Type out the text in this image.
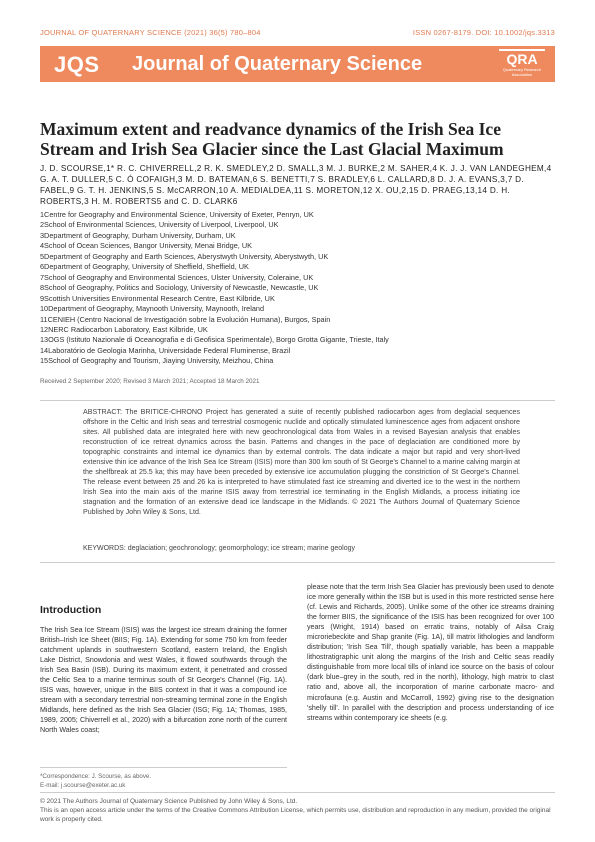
JOURNAL OF QUATERNARY SCIENCE (2021) 36(5) 780–804	ISSN 0267-8179. DOI: 10.1002/jqs.3313
JQS Journal of Quaternary Science	QRA
Quaternary Research Association
Maximum extent and readvance dynamics of the Irish Sea Ice Stream and Irish Sea Glacier since the Last Glacial Maximum
J. D. SCOURSE,1* R. C. CHIVERRELL,2 R. K. SMEDLEY,2 D. SMALL,3 M. J. BURKE,2 M. SAHER,4 K. J. J. VAN LANDEGHEM,4 G. A. T. DULLER,5 C. Ó COFAIGH,3 M. D. BATEMAN,6 S. BENETTI,7 S. BRADLEY,6 L. CALLARD,8 D. J. A. EVANS,3,7 D. FABEL,9 G. T. H. JENKINS,5 S. McCARRON,10 A. MEDIALDEA,11 S. MORETON,12 X. OU,2,15 D. PRAEG,13,14 D. H. ROBERTS,3 H. M. ROBERTS5 and C. D. CLARK6
1Centre for Geography and Environmental Science, University of Exeter, Penryn, UK
2School of Environmental Sciences, University of Liverpool, Liverpool, UK
3Department of Geography, Durham University, Durham, UK
4School of Ocean Sciences, Bangor University, Menai Bridge, UK
5Department of Geography and Earth Sciences, Aberystwyth University, Aberystwyth, UK
6Department of Geography, University of Sheffield, Sheffield, UK
7School of Geography and Environmental Sciences, Ulster University, Coleraine, UK
8School of Geography, Politics and Sociology, University of Newcastle, Newcastle, UK
9Scottish Universities Environmental Research Centre, East Kilbride, UK
10Department of Geography, Maynooth University, Maynooth, Ireland
11CENIEH (Centro Nacional de Investigación sobre la Evolución Humana), Burgos, Spain
12NERC Radiocarbon Laboratory, East Kilbride, UK
13OGS (Istituto Nazionale di Oceanografia e di Geofisica Sperimentale), Borgo Grotta Gigante, Trieste, Italy
14Laboratório de Geologia Marinha, Universidade Federal Fluminense, Brazil
15School of Geography and Tourism, Jiaying University, Meizhou, China
Received 2 September 2020; Revised 3 March 2021; Accepted 18 March 2021
ABSTRACT: The BRITICE-CHRONO Project has generated a suite of recently published radiocarbon ages from deglacial sequences offshore in the Celtic and Irish seas and terrestrial cosmogenic nuclide and optically stimulated luminescence ages from adjacent onshore sites. All published data are integrated here with new geochronological data from Wales in a revised Bayesian analysis that enables reconstruction of ice retreat dynamics across the basin. Patterns and changes in the pace of deglaciation are conditioned more by topographic constraints and internal ice dynamics than by external controls. The data indicate a major but rapid and very short-lived extensive thin ice advance of the Irish Sea Ice Stream (ISIS) more than 300 km south of St George's Channel to a marine calving margin at the shelfbreak at 25.5 ka; this may have been preceded by extensive ice accumulation plugging the constriction of St George's Channel. The release event between 25 and 26 ka is interpreted to have stimulated fast ice streaming and diverted ice to the west in the northern Irish Sea into the main axis of the marine ISIS away from terrestrial ice terminating in the English Midlands, a process initiating ice stagnation and the formation of an extensive dead ice landscape in the Midlands. © 2021 The Authors Journal of Quaternary Science Published by John Wiley & Sons, Ltd.
KEYWORDS: deglaciation; geochronology; geomorphology; ice stream; marine geology
Introduction
The Irish Sea Ice Stream (ISIS) was the largest ice stream draining the former British–Irish Ice Sheet (BIIS; Fig. 1A). Extending for some 750 km from feeder catchment uplands in southwestern Scotland, eastern Ireland, the English Lake District, Snowdonia and west Wales, it flowed southwards through the Irish Sea Basin (ISB). During its maximum extent, it penetrated and crossed the Celtic Sea to a marine terminus south of St George's Channel (Fig. 1A). ISIS was, however, unique in the BIIS context in that it was a compound ice stream with a secondary terrestrial non-streaming terminal zone in the English Midlands, here defined as the Irish Sea Glacier (ISG; Fig. 1A; Thomas, 1985, 1989, 2005; Chiverrell et al., 2020) with a bifurcation zone north of the current North Wales coast;
please note that the term Irish Sea Glacier has previously been used to denote ice more generally within the ISB but is used in this more restricted sense here (cf. Lewis and Richards, 2005). Unlike some of the other ice streams draining the former BIIS, the significance of the ISIS has been recognized for over 100 years (Wright, 1914) based on erratic trains, notably of Ailsa Craig microriebeckite and Shap granite (Fig. 1A), till matrix lithologies and landform distribution; 'Irish Sea Till', though spatially variable, has been a mappable lithostratigraphic unit along the margins of the Irish and Celtic seas readily distinguishable from more local tills of inland ice source on the basis of colour (dark blue–grey in the south, red in the north), lithology, high matrix to clast ratio and, above all, the incorporation of marine carbonate macro- and microfauna (e.g. Austin and McCarroll, 1992) giving rise to the designation 'shelly till'. In parallel with the description and process understanding of ice streams within contemporary ice sheets (e.g.
*Correspondence: J. Scourse, as above.
E-mail: j.scourse@exeter.ac.uk
© 2021 The Authors Journal of Quaternary Science Published by John Wiley & Sons, Ltd.
This is an open access article under the terms of the Creative Commons Attribution License, which permits use, distribution and reproduction in any medium, provided the original work is properly cited.
